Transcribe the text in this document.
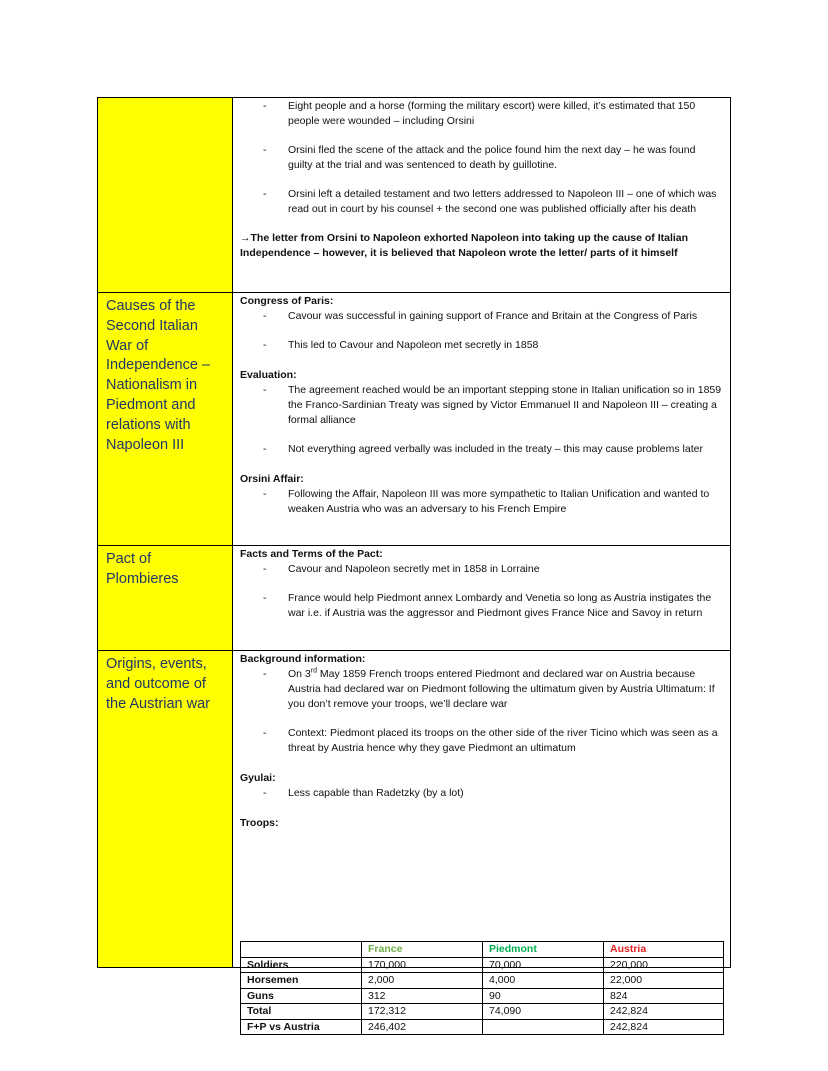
- Eight people and a horse (forming the military escort) were killed, it’s estimated that 150 people were wounded – including Orsini
- Orsini fled the scene of the attack and the police found him the next day – he was found guilty at the trial and was sentenced to death by guillotine.
- Orsini left a detailed testament and two letters addressed to Napoleon III – one of which was read out in court by his counsel + the second one was published officially after his death
→The letter from Orsini to Napoleon exhorted Napoleon into taking up the cause of Italian Independence – however, it is believed that Napoleon wrote the letter/ parts of it himself
Causes of the Second Italian War of Independence – Nationalism in Piedmont and relations with Napoleon III
Congress of Paris:
- Cavour was successful in gaining support of France and Britain at the Congress of Paris
- This led to Cavour and Napoleon met secretly in 1858
Evaluation:
- The agreement reached would be an important stepping stone in Italian unification so in 1859 the Franco-Sardinian Treaty was signed by Victor Emmanuel II and Napoleon III – creating a formal alliance
- Not everything agreed verbally was included in the treaty – this may cause problems later
Orsini Affair:
- Following the Affair, Napoleon III was more sympathetic to Italian Unification and wanted to weaken Austria who was an adversary to his French Empire
Pact of Plombieres
Facts and Terms of the Pact:
- Cavour and Napoleon secretly met in 1858 in Lorraine
- France would help Piedmont annex Lombardy and Venetia so long as Austria instigates the war i.e. if Austria was the aggressor and Piedmont gives France Nice and Savoy in return
Origins, events, and outcome of the Austrian war
Background information:
- On 3rd May 1859 French troops entered Piedmont and declared war on Austria because Austria had declared war on Piedmont following the ultimatum given by Austria Ultimatum: If you don’t remove your troops, we’ll declare war
- Context: Piedmont placed its troops on the other side of the river Ticino which was seen as a threat by Austria hence why they gave Piedmont an ultimatum
Gyulai:
- Less capable than Radetzky (by a lot)
Troops:
	France	Piedmont	Austria
Soldiers	170,000	70,000	220,000
Horsemen	2,000	4,000	22,000
Guns	312	90	824
Total	172,312	74,090	242,824
F+P vs Austria	246,402		242,824
